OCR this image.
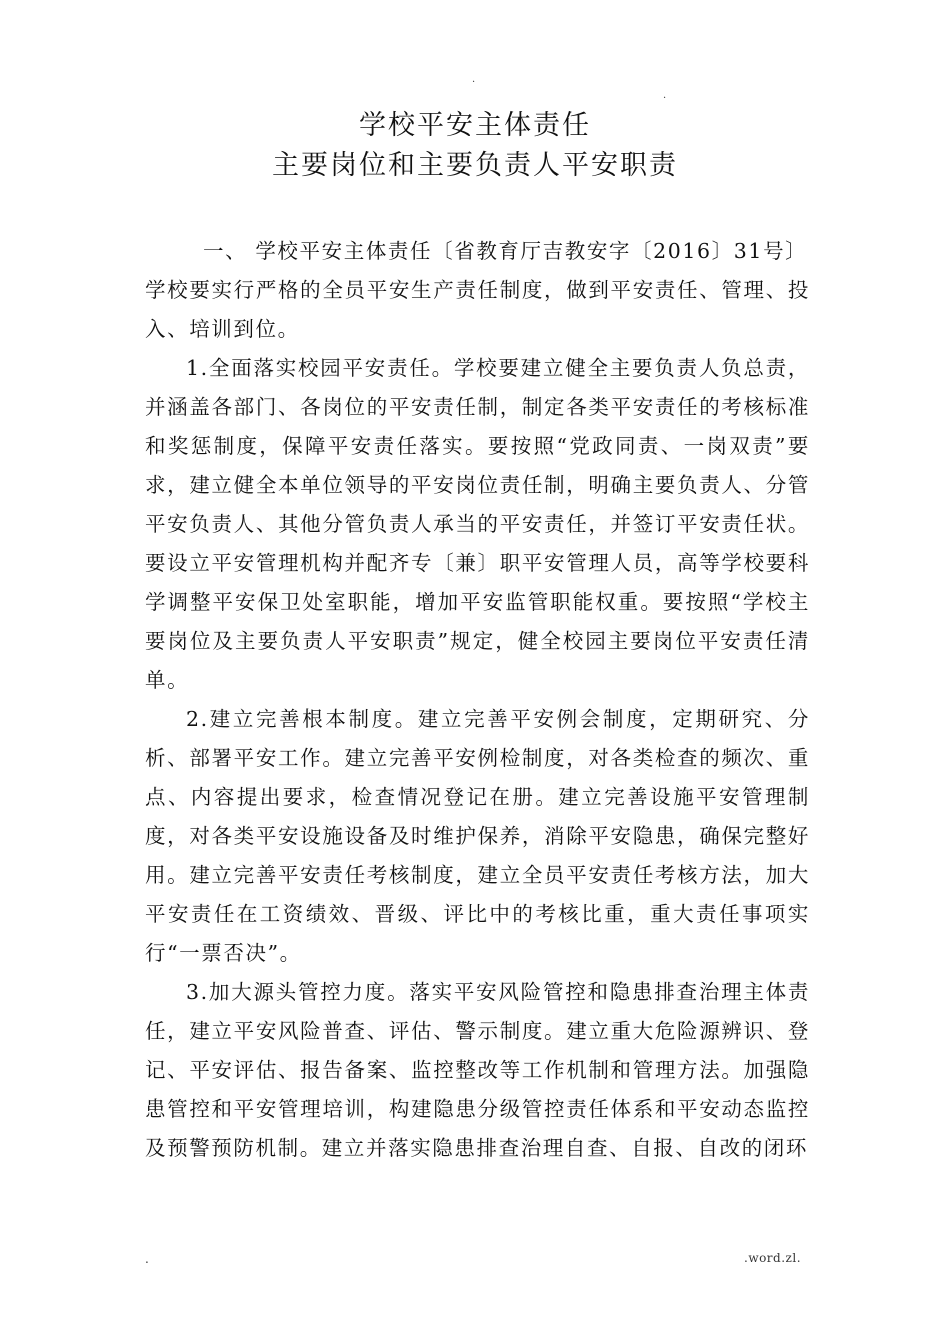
·
·
学校平安主体责任
主要岗位和主要负责人平安职责

一、 学校平安主体责任〔省教育厅吉教安字〔2016〕31号〕
学校要实行严格的全员平安生产责任制度，做到平安责任、管理、投入、培训到位。

1.全面落实校园平安责任。学校要建立健全主要负责人负总责，并涵盖各部门、各岗位的平安责任制，制定各类平安责任的考核标准和奖惩制度，保障平安责任落实。要按照“党政同责、一岗双责”要求，建立健全本单位领导的平安岗位责任制，明确主要负责人、分管平安负责人、其他分管负责人承当的平安责任，并签订平安责任状。要设立平安管理机构并配齐专〔兼〕职平安管理人员，高等学校要科学调整平安保卫处室职能，增加平安监管职能权重。要按照“学校主要岗位及主要负责人平安职责”规定，健全校园主要岗位平安责任清单。

2.建立完善根本制度。建立完善平安例会制度，定期研究、分析、部署平安工作。建立完善平安例检制度，对各类检查的频次、重点、内容提出要求，检查情况登记在册。建立完善设施平安管理制度，对各类平安设施设备及时维护保养，消除平安隐患，确保完整好用。建立完善平安责任考核制度，建立全员平安责任考核方法，加大平安责任在工资绩效、晋级、评比中的考核比重，重大责任事项实行“一票否决”。

3.加大源头管控力度。落实平安风险管控和隐患排查治理主体责任，建立平安风险普查、评估、警示制度。建立重大危险源辨识、登记、平安评估、报告备案、监控整改等工作机制和管理方法。加强隐患管控和平安管理培训，构建隐患分级管控责任体系和平安动态监控及预警预防机制。建立并落实隐患排查治理自查、自报、自改的闭环

.	.word.zl.
